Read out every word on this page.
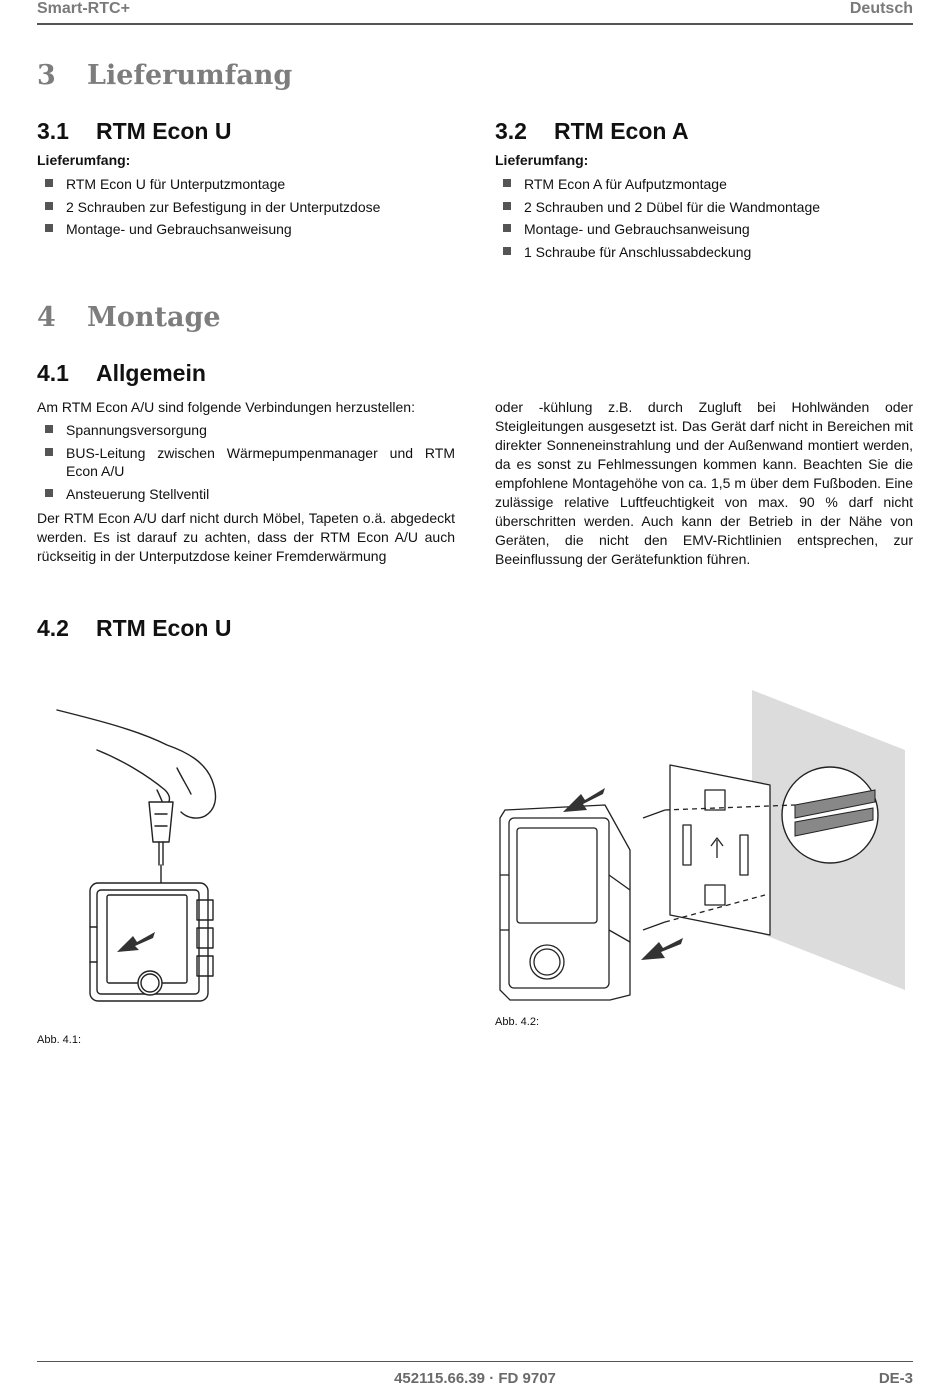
Smart-RTC+	Deutsch
3 Lieferumfang
3.1 RTM Econ U
Lieferumfang:
RTM Econ U für Unterputzmontage
2 Schrauben zur Befestigung in der Unterputzdose
Montage- und Gebrauchsanweisung
3.2 RTM Econ A
Lieferumfang:
RTM Econ A für Aufputzmontage
2 Schrauben und 2 Dübel für die Wandmontage
Montage- und Gebrauchsanweisung
1 Schraube für Anschlussabdeckung
4 Montage
4.1 Allgemein
Am RTM Econ A/U sind folgende Verbindungen herzustellen:
Spannungsversorgung
BUS-Leitung zwischen Wärmepumpenmanager und RTM Econ A/U
Ansteuerung Stellventil
Der RTM Econ A/U darf nicht durch Möbel, Tapeten o.ä. abgedeckt werden. Es ist darauf zu achten, dass der RTM Econ A/U auch rückseitig in der Unterputzdose keiner Fremderwärmung
oder -kühlung z.B. durch Zugluft bei Hohlwänden oder Steigleitungen ausgesetzt ist. Das Gerät darf nicht in Bereichen mit direkter Sonneneinstrahlung und der Außenwand montiert werden, da es sonst zu Fehlmessungen kommen kann. Beachten Sie die empfohlene Montagehöhe von ca. 1,5 m über dem Fußboden. Eine zulässige relative Luftfeuchtigkeit von max. 90 % darf nicht überschritten werden. Auch kann der Betrieb in der Nähe von Geräten, die nicht den EMV-Richtlinien entsprechen, zur Beeinflussung der Gerätefunktion führen.
4.2 RTM Econ U
Abb. 4.1:
Abb. 4.2:
452115.66.39 · FD 9707	DE-3
